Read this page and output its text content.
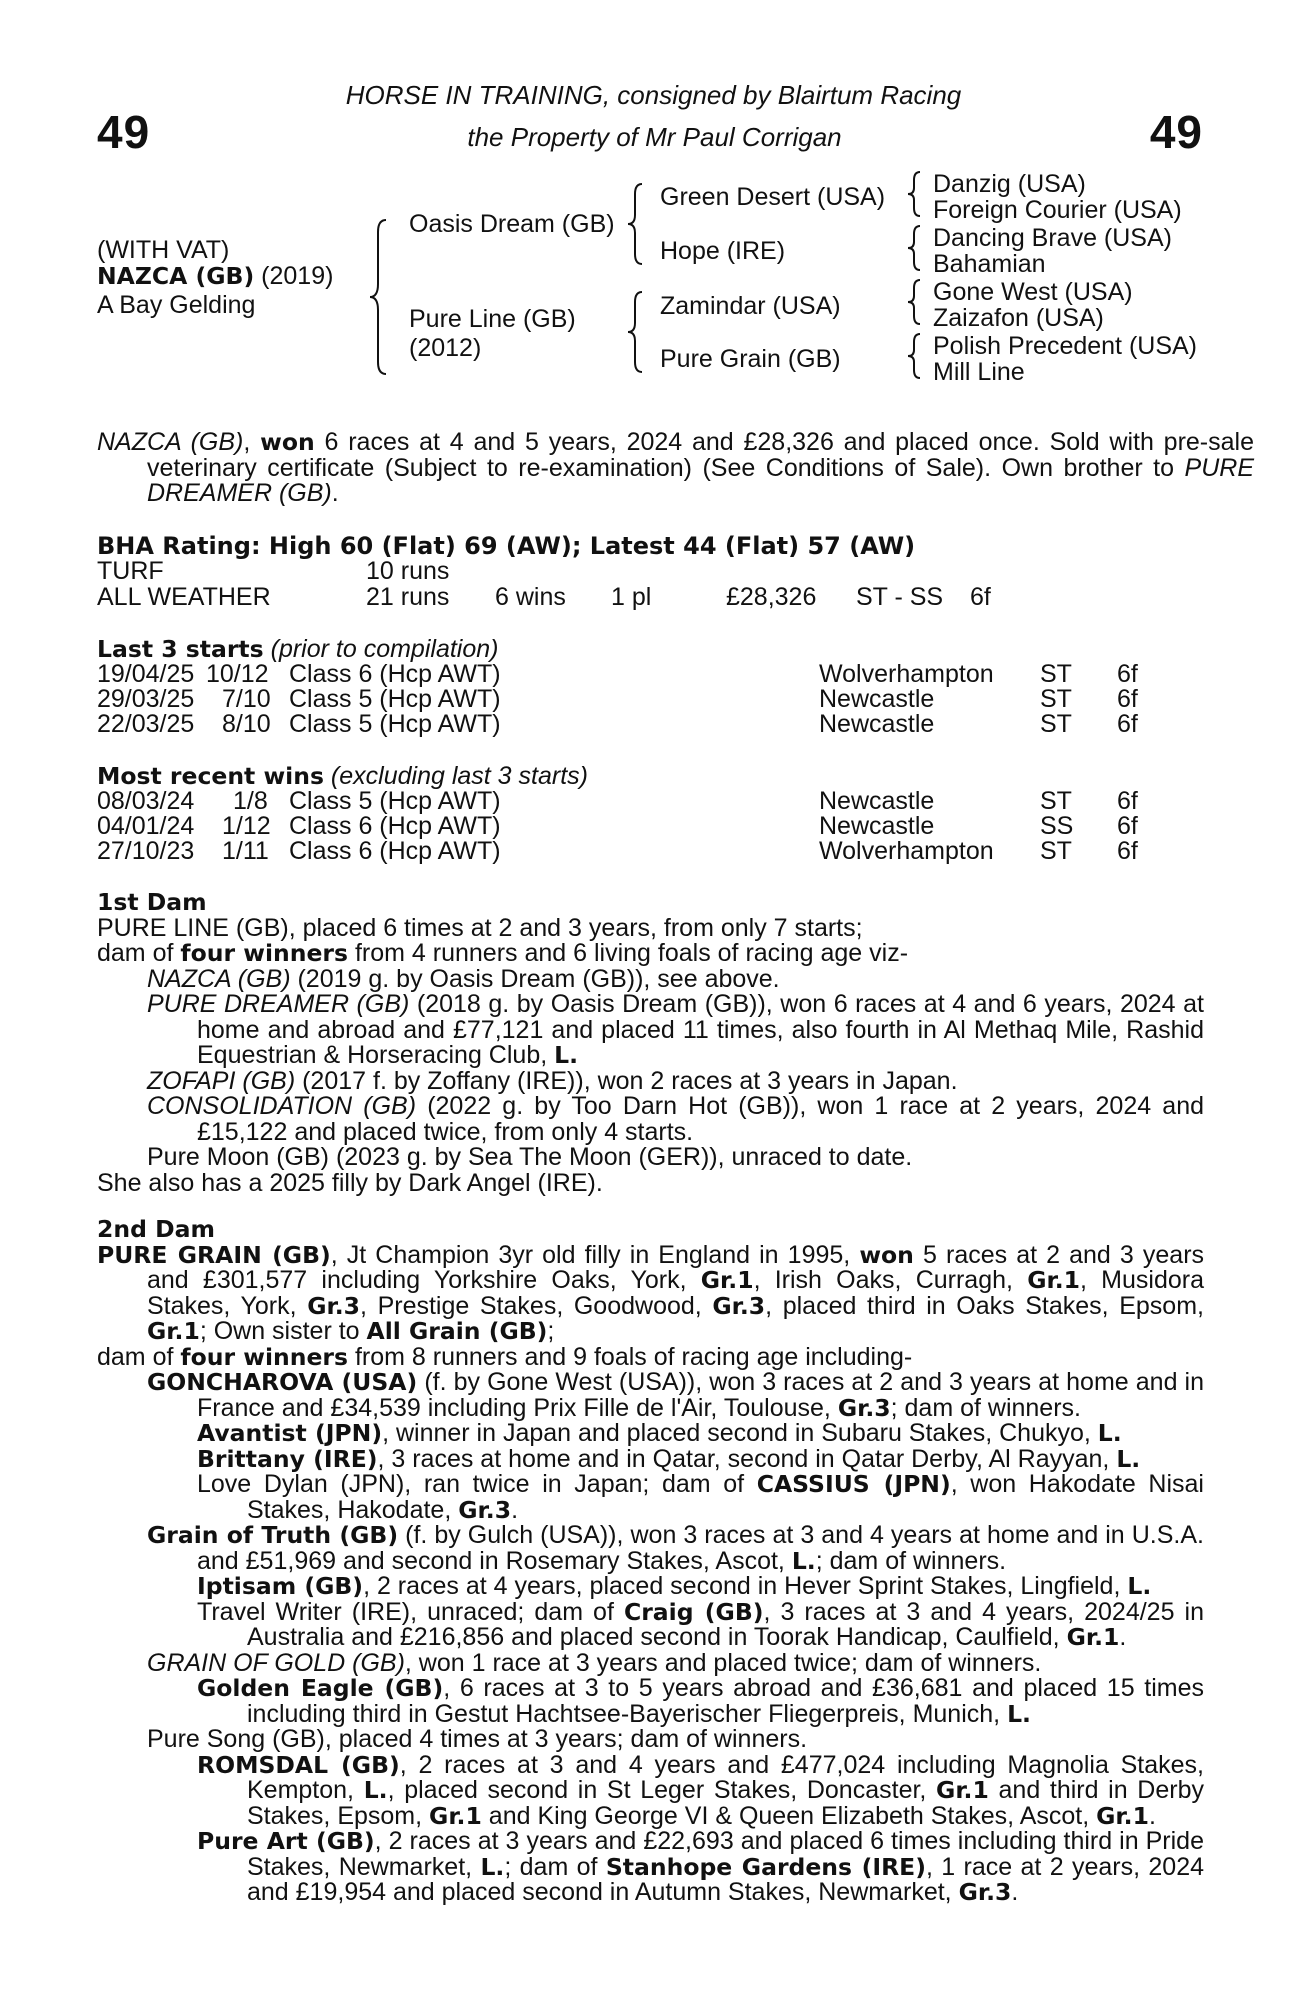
49	49
HORSE IN TRAINING, consigned by Blairtum Racing
the Property of Mr Paul Corrigan
(WITH VAT)
NAZCA (GB) (2019)
A Bay Gelding
Oasis Dream (GB)
Pure Line (GB)
(2012)
Green Desert (USA)
Hope (IRE)
Zamindar (USA)
Pure Grain (GB)
Danzig (USA)
Foreign Courier (USA)
Dancing Brave (USA)
Bahamian
Gone West (USA)
Zaizafon (USA)
Polish Precedent (USA)
Mill Line
NAZCA (GB), won 6 races at 4 and 5 years, 2024 and £28,326 and placed once. Sold with pre-sale veterinary certificate (Subject to re-examination) (See Conditions of Sale). Own brother to PURE DREAMER (GB).
BHA Rating: High 60 (Flat) 69 (AW); Latest 44 (Flat) 57 (AW)
TURF	10 runs
ALL WEATHER	21 runs 6 wins 1 pl	£28,326 ST - SS 6f
Last 3 starts (prior to compilation)
19/04/25 10/12 Class 6 (Hcp AWT)	Wolverhampton ST 6f
29/03/25 7/10 Class 5 (Hcp AWT)	Newcastle	ST 6f
22/03/25 8/10 Class 5 (Hcp AWT)	Newcastle	ST 6f
Most recent wins (excluding last 3 starts)
08/03/24 1/8 Class 5 (Hcp AWT)	Newcastle	ST 6f
04/01/24 1/12 Class 6 (Hcp AWT)	Newcastle	SS 6f
27/10/23 1/11 Class 6 (Hcp AWT)	Wolverhampton ST 6f

1st Dam

PURE LINE (GB), placed 6 times at 2 and 3 years, from only 7 starts;

dam of four winners from 4 runners and 6 living foals of racing age viz-

NAZCA (GB) (2019 g. by Oasis Dream (GB)), see above.

PURE DREAMER (GB) (2018 g. by Oasis Dream (GB)), won 6 races at 4 and 6 years, 2024 at home and abroad and £77,121 and placed 11 times, also fourth in Al Methaq Mile, Rashid Equestrian & Horseracing Club, L.

ZOFAPI (GB) (2017 f. by Zoffany (IRE)), won 2 races at 3 years in Japan.

CONSOLIDATION (GB) (2022 g. by Too Darn Hot (GB)), won 1 race at 2 years, 2024 and £15,122 and placed twice, from only 4 starts.

Pure Moon (GB) (2023 g. by Sea The Moon (GER)), unraced to date.

She also has a 2025 filly by Dark Angel (IRE).

2nd Dam

PURE GRAIN (GB), Jt Champion 3yr old filly in England in 1995, won 5 races at 2 and 3 years and £301,577 including Yorkshire Oaks, York, Gr.1, Irish Oaks, Curragh, Gr.1, Musidora Stakes, York, Gr.3, Prestige Stakes, Goodwood, Gr.3, placed third in Oaks Stakes, Epsom, Gr.1; Own sister to All Grain (GB);

dam of four winners from 8 runners and 9 foals of racing age including-

GONCHAROVA (USA) (f. by Gone West (USA)), won 3 races at 2 and 3 years at home and in France and £34,539 including Prix Fille de l'Air, Toulouse, Gr.3; dam of winners.

Avantist (JPN), winner in Japan and placed second in Subaru Stakes, Chukyo, L.

Brittany (IRE), 3 races at home and in Qatar, second in Qatar Derby, Al Rayyan, L.

Love Dylan (JPN), ran twice in Japan; dam of CASSIUS (JPN), won Hakodate Nisai Stakes, Hakodate, Gr.3.

Grain of Truth (GB) (f. by Gulch (USA)), won 3 races at 3 and 4 years at home and in U.S.A. and £51,969 and second in Rosemary Stakes, Ascot, L.; dam of winners.

Iptisam (GB), 2 races at 4 years, placed second in Hever Sprint Stakes, Lingfield, L.

Travel Writer (IRE), unraced; dam of Craig (GB), 3 races at 3 and 4 years, 2024/25 in Australia and £216,856 and placed second in Toorak Handicap, Caulfield, Gr.1.

GRAIN OF GOLD (GB), won 1 race at 3 years and placed twice; dam of winners.

Golden Eagle (GB), 6 races at 3 to 5 years abroad and £36,681 and placed 15 times including third in Gestut Hachtsee-Bayerischer Fliegerpreis, Munich, L.

Pure Song (GB), placed 4 times at 3 years; dam of winners.

ROMSDAL (GB), 2 races at 3 and 4 years and £477,024 including Magnolia Stakes, Kempton, L., placed second in St Leger Stakes, Doncaster, Gr.1 and third in Derby Stakes, Epsom, Gr.1 and King George VI & Queen Elizabeth Stakes, Ascot, Gr.1.

Pure Art (GB), 2 races at 3 years and £22,693 and placed 6 times including third in Pride Stakes, Newmarket, L.; dam of Stanhope Gardens (IRE), 1 race at 2 years, 2024 and £19,954 and placed second in Autumn Stakes, Newmarket, Gr.3.
